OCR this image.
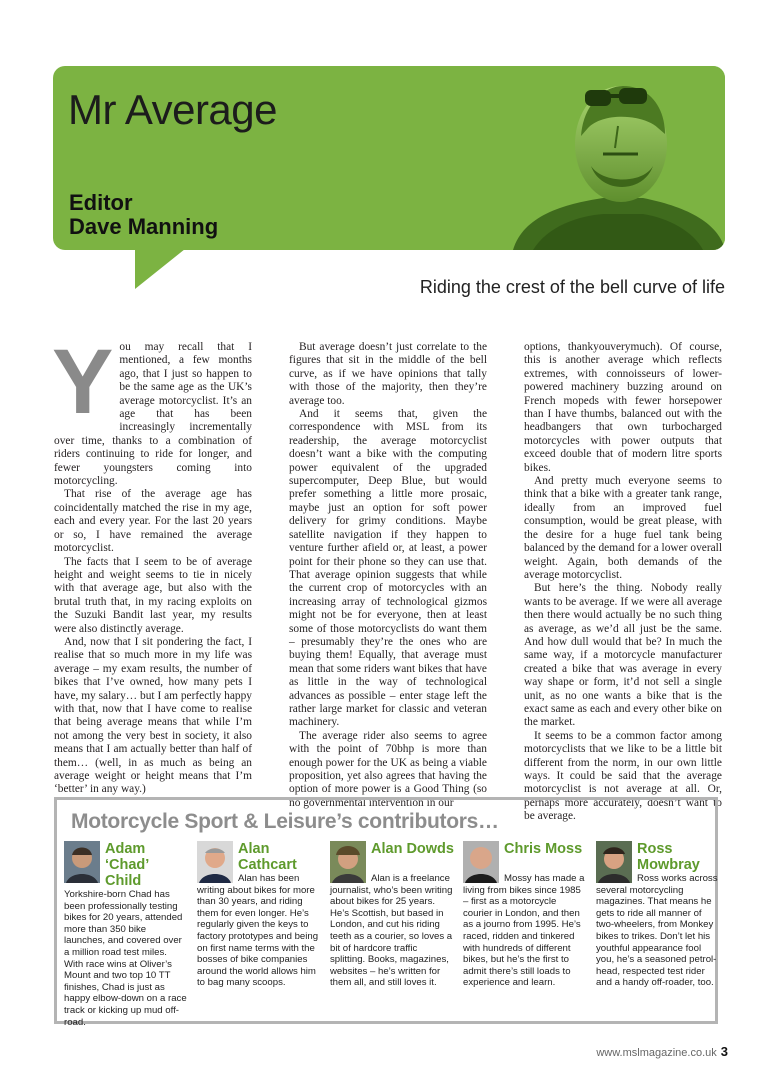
Mr Average
Editor
Dave Manning
Riding the crest of the bell curve of life
Y ou may recall that I mentioned, a few months ago, that I just so happen to be the same age as the UK’s average motorcyclist. It’s an age that has been increasingly incrementally over time, thanks to a combination of riders continuing to ride for longer, and fewer youngsters coming into motorcycling.

That rise of the average age has coincidentally matched the rise in my age, each and every year. For the last 20 years or so, I have remained the average motorcyclist.

The facts that I seem to be of average height and weight seems to tie in nicely with that average age, but also with the brutal truth that, in my racing exploits on the Suzuki Bandit last year, my results were also distinctly average.

And, now that I sit pondering the fact, I realise that so much more in my life was average – my exam results, the number of bikes that I’ve owned, how many pets I have, my salary… but I am perfectly happy with that, now that I have come to realise that being average means that while I’m not among the very best in society, it also means that I am actually better than half of them… (well, in as much as being an average weight or height means that I’m ‘better’ in any way.)

But average doesn’t just correlate to the figures that sit in the middle of the bell curve, as if we have opinions that tally with those of the majority, then they’re average too.

And it seems that, given the correspondence with MSL from its readership, the average motorcyclist doesn’t want a bike with the computing power equivalent of the upgraded supercomputer, Deep Blue, but would prefer something a little more prosaic, maybe just an option for soft power delivery for grimy conditions. Maybe satellite navigation if they happen to venture further afield or, at least, a power point for their phone so they can use that. That average opinion suggests that while the current crop of motorcycles with an increasing array of technological gizmos might not be for everyone, then at least some of those motorcyclists do want them – presumably they’re the ones who are buying them! Equally, that average must mean that some riders want bikes that have as little in the way of technological advances as possible – enter stage left the rather large market for classic and veteran machinery.

The average rider also seems to agree with the point of 70bhp is more than enough power for the UK as being a viable proposition, yet also agrees that having the option of more power is a Good Thing (so no governmental intervention in our

options, thankyouverymuch). Of course, this is another average which reflects extremes, with connoisseurs of lower-powered machinery buzzing around on French mopeds with fewer horsepower than I have thumbs, balanced out with the headbangers that own turbocharged motorcycles with power outputs that exceed double that of modern litre sports bikes.

And pretty much everyone seems to think that a bike with a greater tank range, ideally from an improved fuel consumption, would be great please, with the desire for a huge fuel tank being balanced by the demand for a lower overall weight. Again, both demands of the average motorcyclist.

But here’s the thing. Nobody really wants to be average. If we were all average then there would actually be no such thing as average, as we’d all just be the same. And how dull would that be? In much the same way, if a motorcycle manufacturer created a bike that was average in every way shape or form, it’d not sell a single unit, as no one wants a bike that is the exact same as each and every other bike on the market.

It seems to be a common factor among motorcyclists that we like to be a little bit different from the norm, in our own little ways. It could be said that the average motorcyclist is not average at all. Or, perhaps more accurately, doesn’t want to be average.

Motorcycle Sport & Leisure’s contributors…
Adam ‘Chad’ Child
Yorkshire-born Chad has been professionally testing bikes for 20 years, attended more than 350 bike launches, and covered over a million road test miles. With race wins at Oliver’s Mount and two top 10 TT finishes, Chad is just as happy elbow-down on a race track or kicking up mud off-road.
Alan Cathcart
Alan has been writing about bikes for more than 30 years, and riding them for even longer. He’s regularly given the keys to factory prototypes and being on first name terms with the bosses of bike companies around the world allows him to bag many scoops.
Alan Dowds
Alan is a freelance journalist, who’s been writing about bikes for 25 years. He’s Scottish, but based in London, and cut his riding teeth as a courier, so loves a bit of hardcore traffic splitting. Books, magazines, websites – he’s written for them all, and still loves it.
Chris Moss
Mossy has made a living from bikes since 1985 – first as a motorcycle courier in London, and then as a journo from 1995. He’s raced, ridden and tinkered with hundreds of different bikes, but he’s the first to admit there’s still loads to experience and learn.
Ross Mowbray
Ross works across several motorcycling magazines. That means he gets to ride all manner of two-wheelers, from Monkey bikes to trikes. Don’t let his youthful appearance fool you, he’s a seasoned petrol-head, respected test rider and a handy off-roader, too.
www.mslmagazine.co.uk 3
